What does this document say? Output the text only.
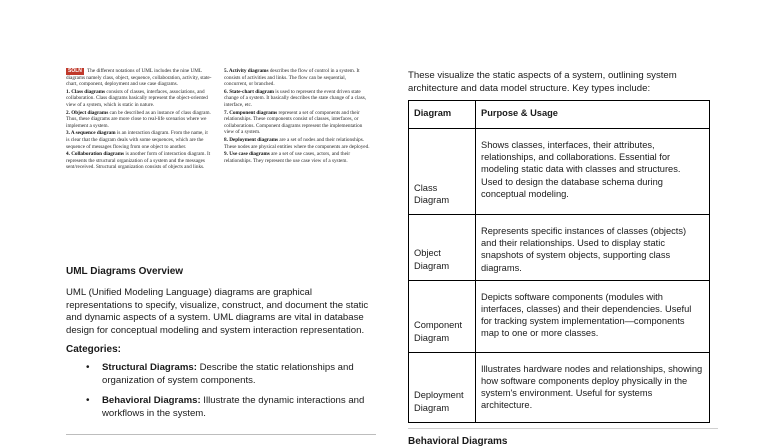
SOLN The different notations of UML includes the nine UML diagrams namely class, object, sequence, collaboration, activity, state-chart, component, deployment and use case diagrams.

1. Class diagrams consists of classes, interfaces, associations, and collaboration. Class diagrams basically represent the object-oriented view of a system, which is static in nature.

2. Object diagrams can be described as an instance of class diagram. Thus, these diagrams are more close to real-life scenarios where we implement a system.

3. A sequence diagram is an interaction diagram. From the name, it is clear that the diagram deals with some sequences, which are the sequence of messages flowing from one object to another.

4. Collaboration diagrams is another form of interaction diagram. It represents the structural organization of a system and the messages sent/received. Structural organization consists of objects and links.

5. Activity diagrams describes the flow of control in a system. It consists of activities and links. The flow can be sequential, concurrent, or branched.

6. State-chart diagram is used to represent the event driven state change of a system. It basically describes the state change of a class, interface, etc.

7. Component diagrams represent a set of components and their relationships. These components consist of classes, interfaces, or collaborations. Component diagrams represent the implementation view of a system.

8. Deployment diagrams are a set of nodes and their relationships. These nodes are physical entities where the components are deployed.

9. Use case diagrams are a set of use cases, actors, and their relationships. They represent the use case view of a system.

UML Diagrams Overview

UML (Unified Modeling Language) diagrams are graphical representations to specify, visualize, construct, and document the static and dynamic aspects of a system. UML diagrams are vital in database design for conceptual modeling and system interaction representation.

Categories:
• Structural Diagrams: Describe the static relationships and organization of system components.
• Behavioral Diagrams: Illustrate the dynamic interactions and workflows in the system.

These visualize the static aspects of a system, outlining system architecture and data model structure. Key types include:

Diagram	Purpose & Usage
Class Diagram	Shows classes, interfaces, their attributes, relationships, and collaborations. Essential for modeling static data with classes and structures. Used to design the database schema during conceptual modeling.
Object Diagram	Represents specific instances of classes (objects) and their relationships. Used to display static snapshots of system objects, supporting class diagrams.
Component Diagram	Depicts software components (modules with interfaces, classes) and their dependencies. Useful for tracking system implementation—components map to one or more classes.
Deployment Diagram	Illustrates hardware nodes and relationships, showing how software components deploy physically in the system's environment. Useful for systems architecture.
Behavioral Diagrams
